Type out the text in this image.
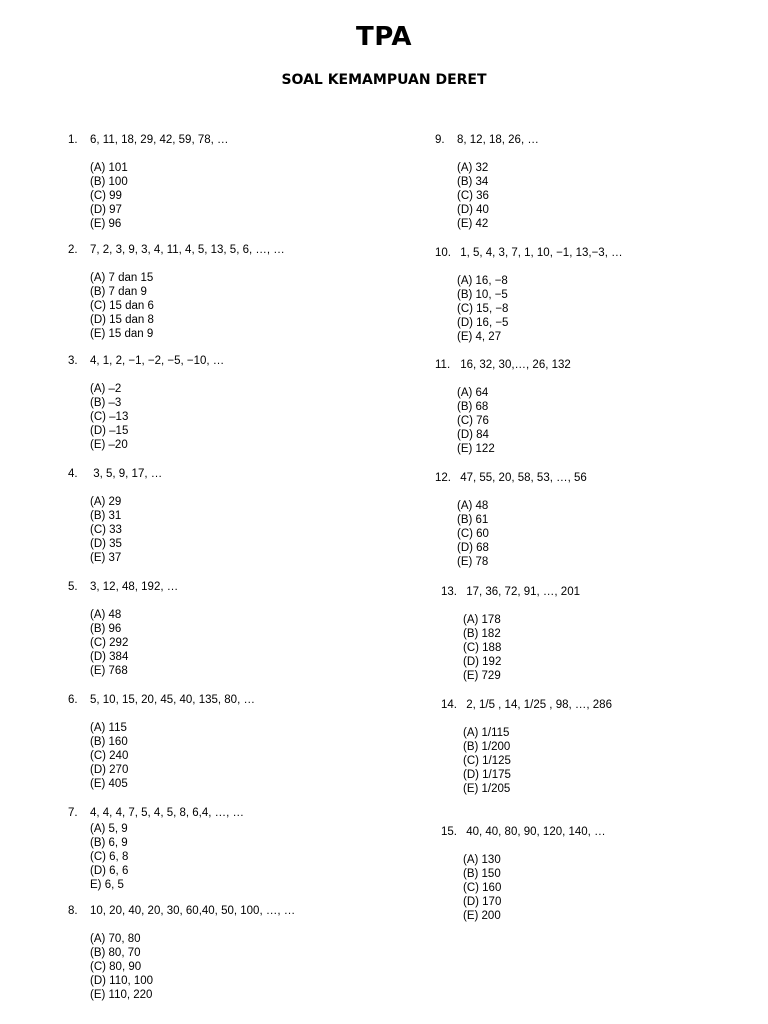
TPA
SOAL KEMAMPUAN DERET
1. 6, 11, 18, 29, 42, 59, 78, …
(A) 101
(B) 100
(C) 99
(D) 97
(E) 96
2. 7, 2, 3, 9, 3, 4, 11, 4, 5, 13, 5, 6, …, …
(A) 7 dan 15
(B) 7 dan 9
(C) 15 dan 6
(D) 15 dan 8
(E) 15 dan 9
3. 4, 1, 2, −1, −2, −5, −10, …
(A) –2
(B) –3
(C) –13
(D) –15
(E) –20
4. 3, 5, 9, 17, …
(A) 29
(B) 31
(C) 33
(D) 35
(E) 37
5. 3, 12, 48, 192, …
(A) 48
(B) 96
(C) 292
(D) 384
(E) 768
6. 5, 10, 15, 20, 45, 40, 135, 80, …
(A) 115
(B) 160
(C) 240
(D) 270
(E) 405
7. 4, 4, 4, 7, 5, 4, 5, 8, 6,4, …, …
(A) 5, 9
(B) 6, 9
(C) 6, 8
(D) 6, 6
E) 6, 5
8. 10, 20, 40, 20, 30, 60,40, 50, 100, …, …
(A) 70, 80
(B) 80, 70
(C) 80, 90
(D) 110, 100
(E) 110, 220
9. 8, 12, 18, 26, …
(A) 32
(B) 34
(C) 36
(D) 40
(E) 42
10. 1, 5, 4, 3, 7, 1, 10, −1, 13,−3, …
(A) 16, −8
(B) 10, −5
(C) 15, −8
(D) 16, −5
(E) 4, 27
11. 16, 32, 30,…, 26, 132
(A) 64
(B) 68
(C) 76
(D) 84
(E) 122
12. 47, 55, 20, 58, 53, …, 56
(A) 48
(B) 61
(C) 60
(D) 68
(E) 78
13. 17, 36, 72, 91, …, 201
(A) 178
(B) 182
(C) 188
(D) 192
(E) 729
14. 2, 1/5 , 14, 1/25 , 98, …, 286
(A) 1/115
(B) 1/200
(C) 1/125
(D) 1/175
(E) 1/205
15. 40, 40, 80, 90, 120, 140, …
(A) 130
(B) 150
(C) 160
(D) 170
(E) 200
